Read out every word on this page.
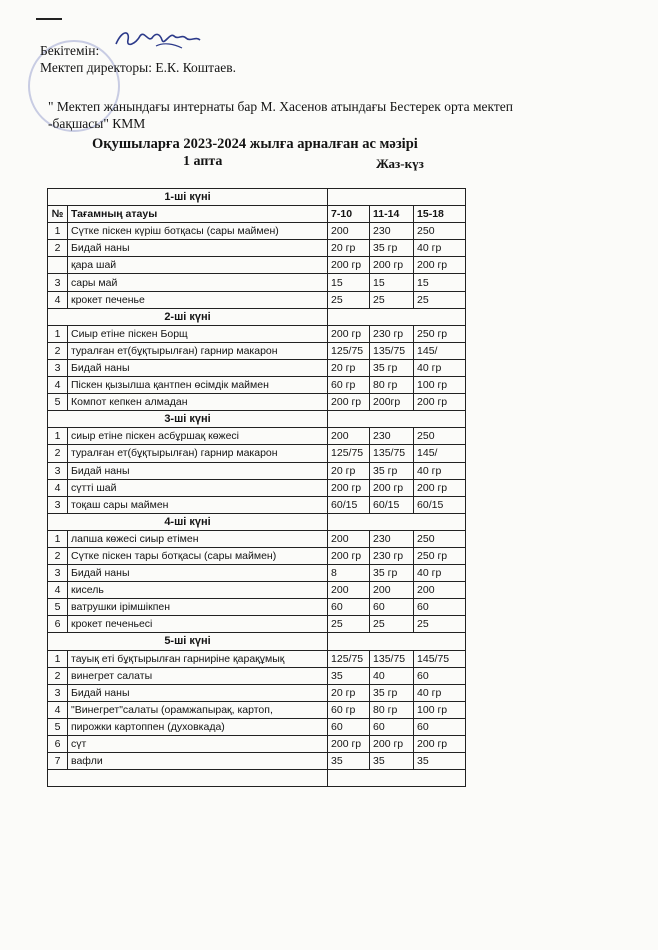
Бекітемін:
Мектеп директоры: Е.К. Коштаев.
" Мектеп жанындағы интернаты бар М. Хасенов атындағы Бестерек орта мектеп -бақшасы" КММ
Оқушыларға 2023-2024 жылға арналған ас мәзірі
1 апта	Жаз-күз
1-ші күні				
№	Тағамның атауы	7-10	11-14	15-18
1	Сүтке піскен күріш ботқасы (сары маймен)	200	230	250
2	Бидай наны	20 гр	35 гр	40 гр
	қара шай	200 гр	200 гр	200 гр
3	сары май	15	15	15
4	крокет печенье	25	25	25
2-ші күні				
1	Сиыр етіне піскен Борщ	200 гр	230 гр	250 гр
2	туралған ет(бұқтырылған) гарнир макарон	125/75	135/75	145/
3	Бидай наны	20 гр	35 гр	40 гр
4	Піскен қызылша қантпен өсімдік маймен	60 гр	80 гр	100 гр
5	Компот кепкен алмадан	200 гр	200гр	200 гр
3-ші күні				
1	сиыр етіне піскен асбұршақ көжесі	200	230	250
2	туралған ет(бұқтырылған) гарнир макарон	125/75	135/75	145/
3	Бидай наны	20 гр	35 гр	40 гр
4	сүтті шай	200 гр	200 гр	200 гр
3	тоқаш сары маймен	60/15	60/15	60/15
4-ші күні				
1	лапша көжесі сиыр етімен	200	230	250
2	Сүтке піскен тары ботқасы (сары маймен)	200 гр	230 гр	250 гр
3	Бидай наны	8	35 гр	40 гр
4	кисель	200	200	200
5	ватрушки ірімшікпен	60	60	60
6	крокет печеньесі	25	25	25
5-ші күні				
1	тауық еті бұқтырылған гарниріне қарақұмық	125/75	135/75	145/75
2	винегрет салаты	35	40	60
3	Бидай наны	20 гр	35 гр	40 гр
4	"Винегрет"салаты (орамжапырақ, картоп,	60 гр	80 гр	100 гр
5	пирожки картоппен (духовкада)	60	60	60
6	сүт	200 гр	200 гр	200 гр
7	вафли	35	35	35
